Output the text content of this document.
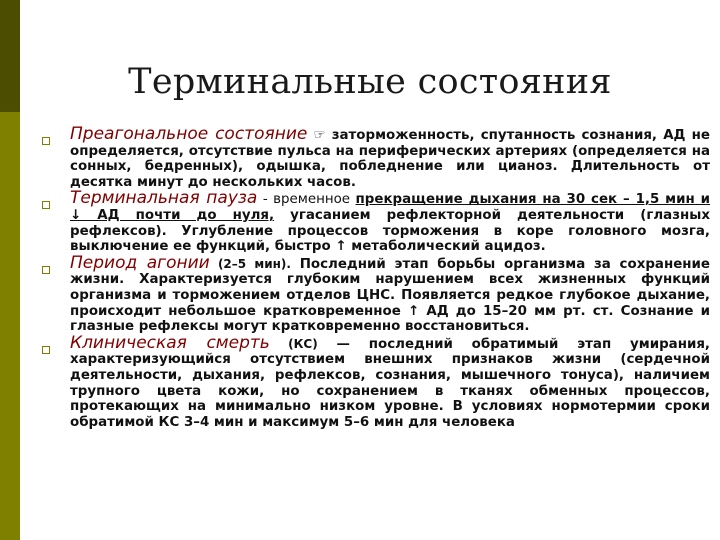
Терминальные состояния
Преагональное состояние ☞ заторможенность, спутанность сознания, АД не определяется, отсутствие пульса на периферических артериях (определяется на сонных, бедренных), одышка, побледнение или цианоз. Длительность от десятка минут до нескольких часов.
Терминальная пауза - временное прекращение дыхания на 30 сек – 1,5 мин и ↓ АД почти до нуля, угасанием рефлекторной деятельности (глазных рефлексов). Углубление процессов торможения в коре головного мозга, выключение ее функций, быстро ↑ метаболический ацидоз.
Период агонии (2–5 мин). Последний этап борьбы организма за сохранение жизни. Характеризуется глубоким нарушением всех жизненных функций организма и торможением отделов ЦНС. Появляется редкое глубокое дыхание, происходит небольшое кратковременное ↑ АД до 15–20 мм рт. ст. Сознание и глазные рефлексы могут кратковременно восстановиться.
Клиническая смерть (КС) — последний обратимый этап умирания, характеризующийся отсутствием внешних признаков жизни (сердечной деятельности, дыхания, рефлексов, сознания, мышечного тонуса), наличием трупного цвета кожи, но сохранением в тканях обменных процессов, протекающих на минимально низком уровне. В условиях нормотермии сроки обратимой КС 3–4 мин и максимум 5–6 мин для человека
